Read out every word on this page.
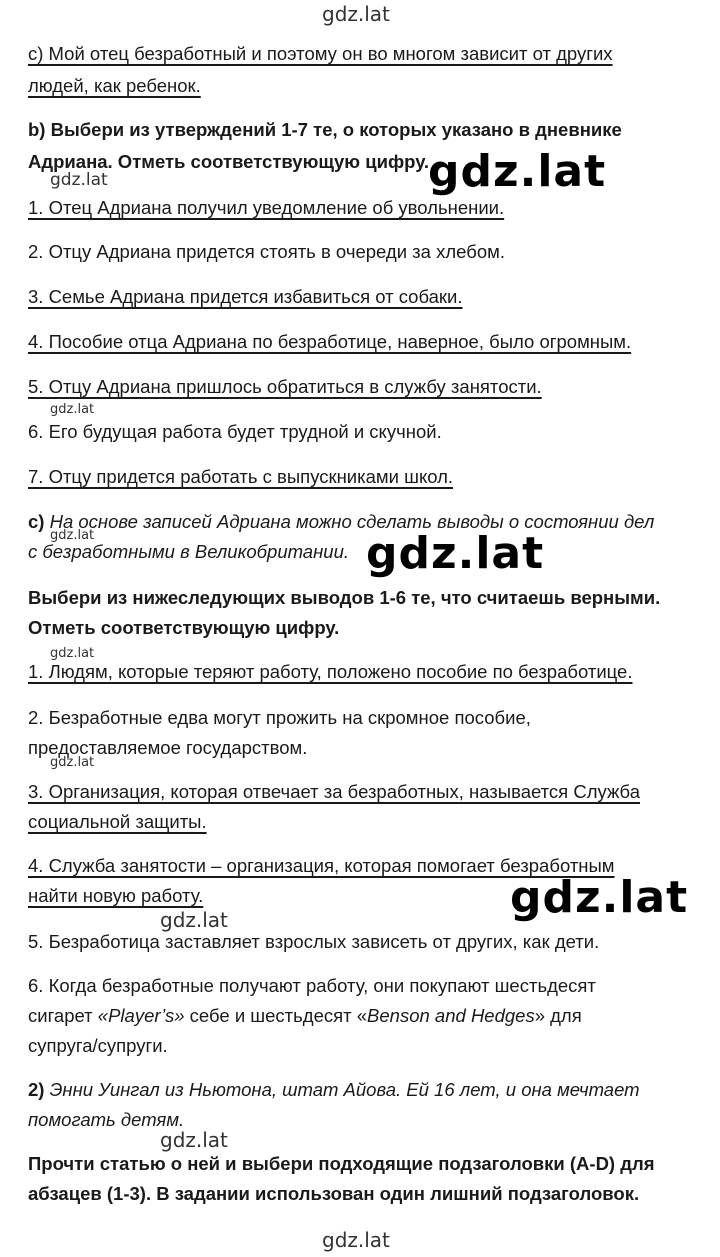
gdz.lat
с) Мой отец безработный и поэтому он во многом зависит от других
людей, как ребенок.
b) Выбери из утверждений 1-7 те, о которых указано в дневнике
Адриана. Отметь соответствующую цифру.
gdz.lat	gdz.lat
1. Отец Адриана получил уведомление об увольнении.
2. Отцу Адриана придется стоять в очереди за хлебом.
3. Семье Адриана придется избавиться от собаки.
4. Пособие отца Адриана по безработице, наверное, было огромным.
5. Отцу Адриана пришлось обратиться в службу занятости.
gdz.lat
6. Его будущая работа будет трудной и скучной.
7. Отцу придется работать с выпускниками школ.
с) На основе записей Адриана можно сделать выводы о состоянии дел
gdz.lat
с безработными в Великобритании. gdz.lat
Выбери из нижеследующих выводов 1-6 те, что считаешь верными.
Отметь соответствующую цифру.
gdz.lat
1. Людям, которые теряют работу, положено пособие по безработице.
2. Безработные едва могут прожить на скромное пособие,
предоставляемое государством.
gdz.lat
3. Организация, которая отвечает за безработных, называется Служба
социальной защиты.
4. Служба занятости – организация, которая помогает безработным
найти новую работу.	gdz.lat
gdz.lat
5. Безработица заставляет взрослых зависеть от других, как дети.
6. Когда безработные получают работу, они покупают шестьдесят
сигарет «Player’s» себе и шестьдесят «Benson and Hedges» для
супруга/супруги.
2) Энни Уингал из Ньютона, штат Айова. Ей 16 лет, и она мечтает
помогать детям.
gdz.lat
Прочти статью о ней и выбери подходящие подзаголовки (A-D) для
абзацев (1-3). В задании использован один лишний подзаголовок.
gdz.lat
